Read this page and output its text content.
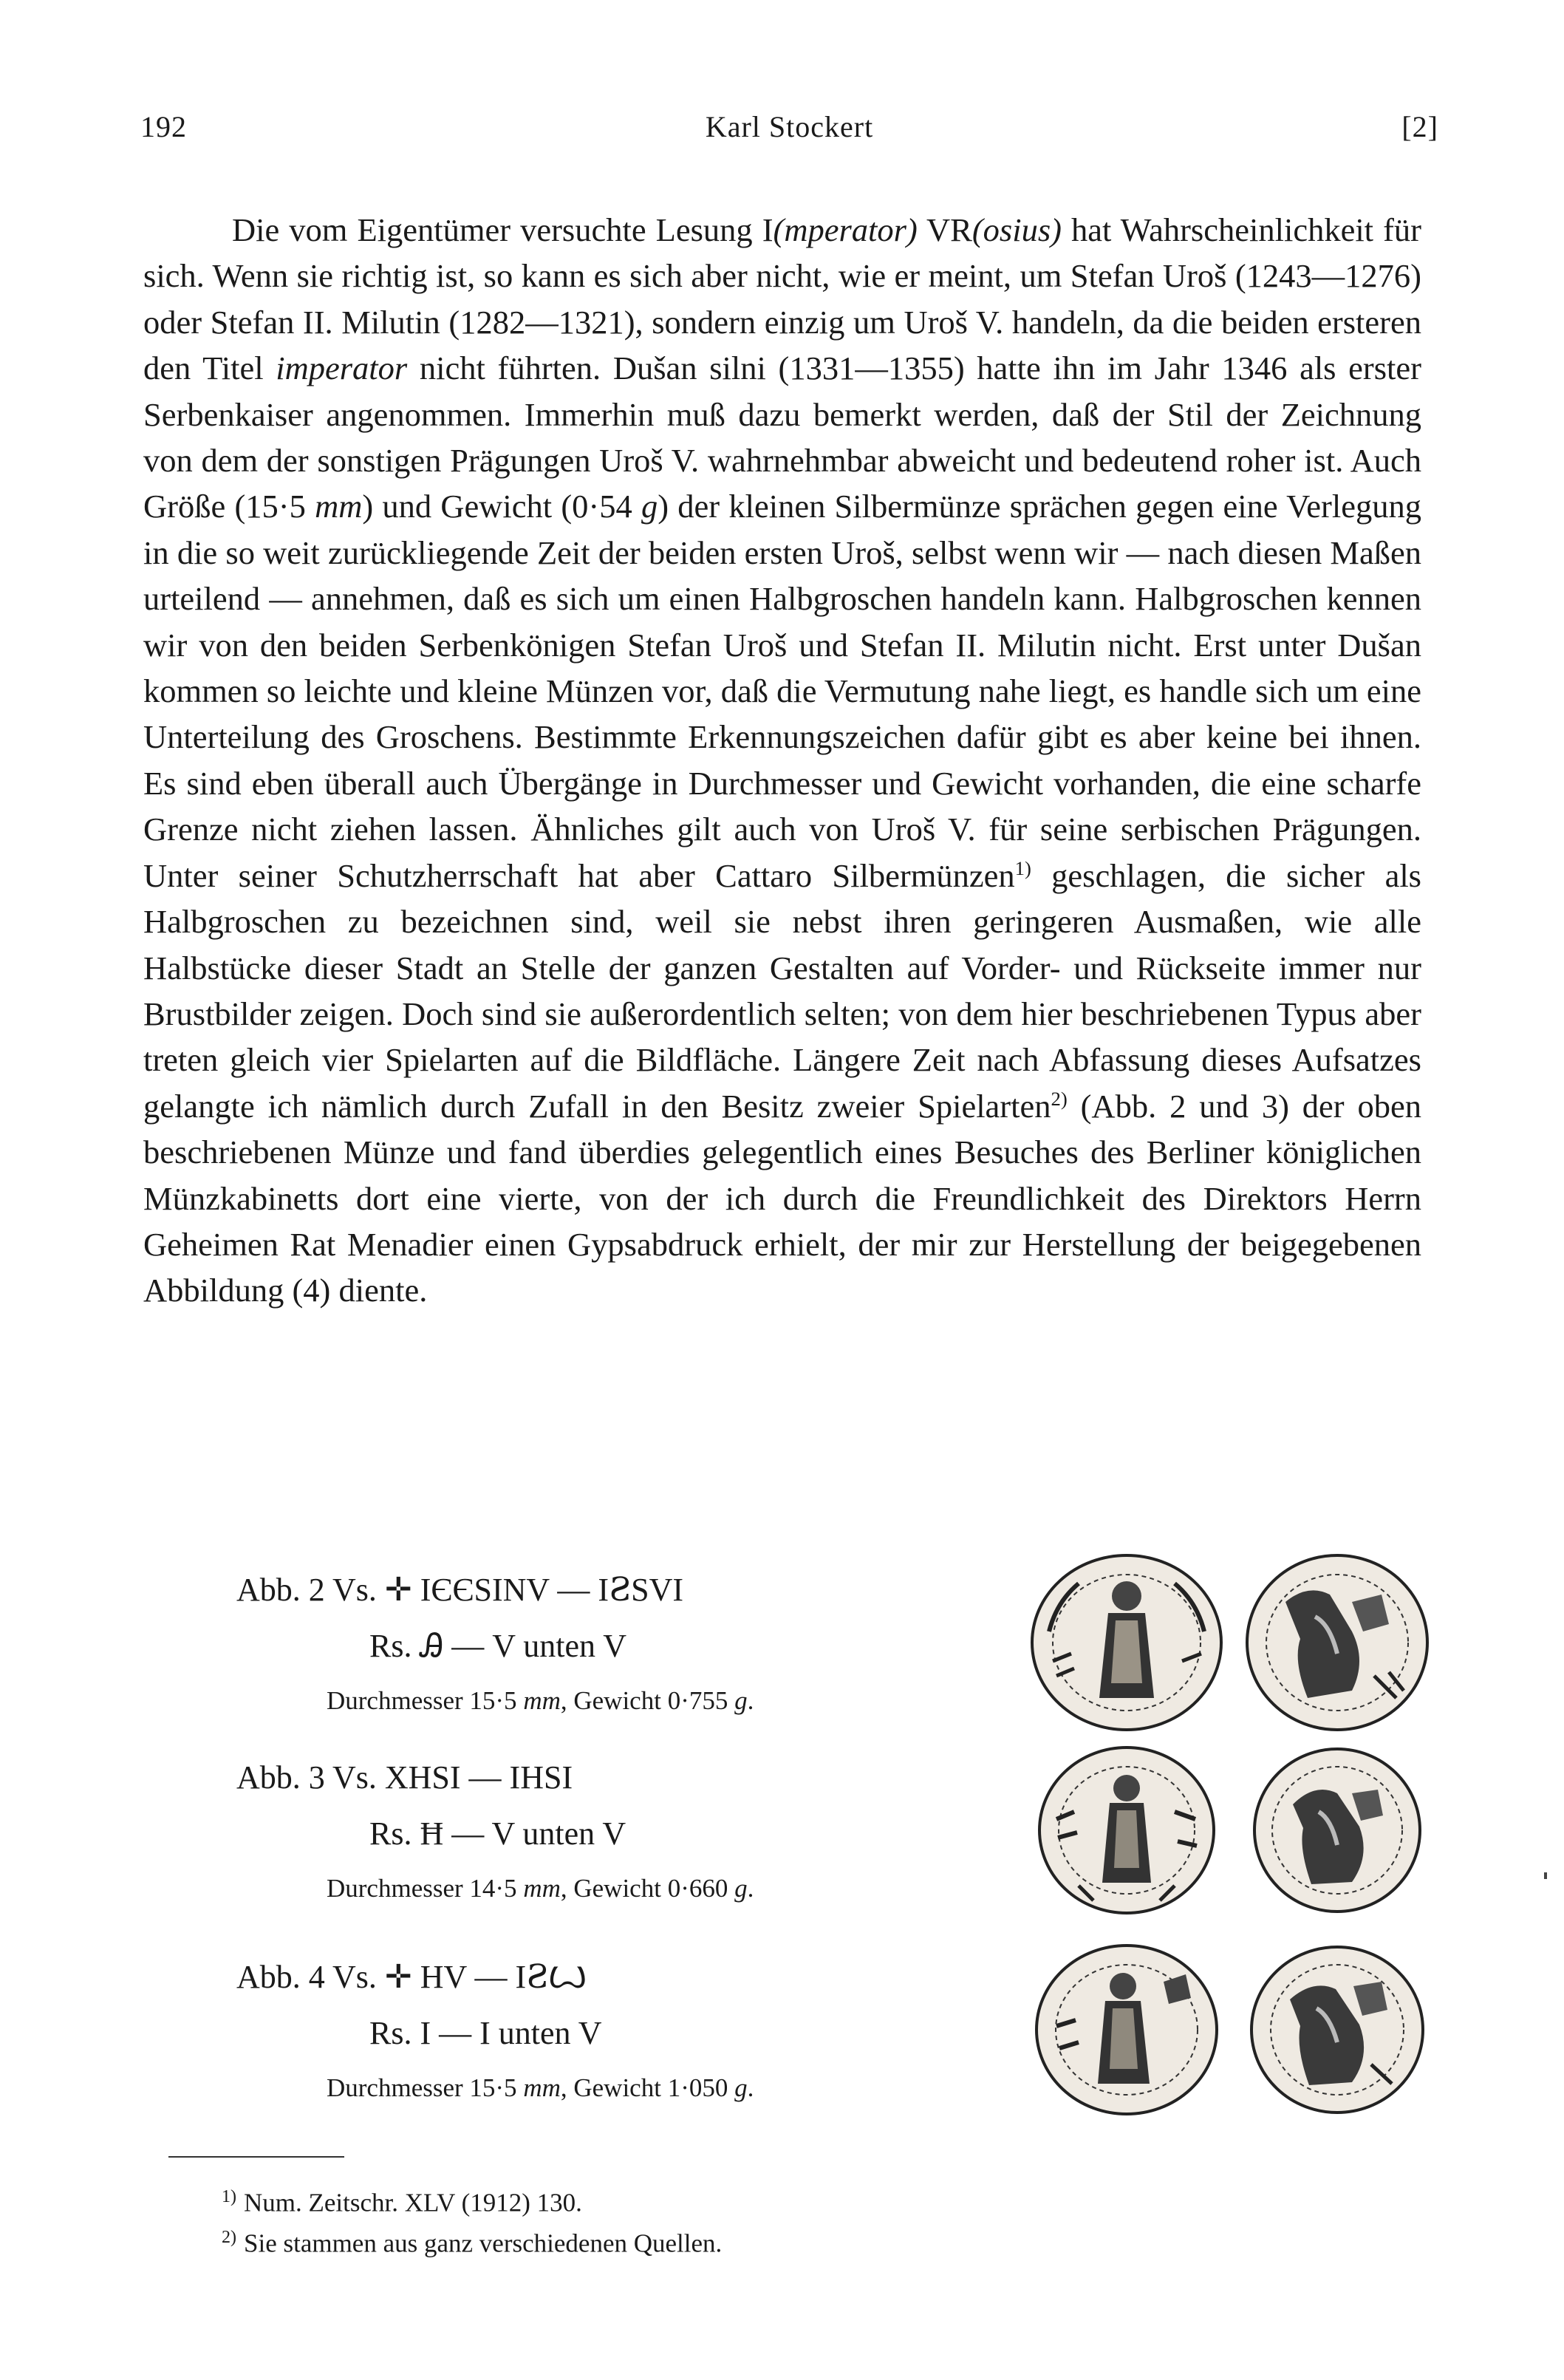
192	Karl Stockert	[2]

Die vom Eigentümer versuchte Lesung I(mperator) VR(osius) hat Wahrscheinlichkeit für sich. Wenn sie richtig ist, so kann es sich aber nicht, wie er meint, um Stefan Uroš (1243—1276) oder Stefan II. Milutin (1282—1321), sondern einzig um Uroš V. handeln, da die beiden ersteren den Titel imperator nicht führten. Dušan silni (1331—1355) hatte ihn im Jahr 1346 als erster Serbenkaiser angenommen. Immerhin muß dazu bemerkt werden, daß der Stil der Zeichnung von dem der sonstigen Prägungen Uroš V. wahrnehmbar abweicht und bedeutend roher ist. Auch Größe (15·5 mm) und Gewicht (0·54 g) der kleinen Silbermünze sprächen gegen eine Verlegung in die so weit zurückliegende Zeit der beiden ersten Uroš, selbst wenn wir — nach diesen Maßen urteilend — annehmen, daß es sich um einen Halbgroschen handeln kann. Halbgroschen kennen wir von den beiden Serbenkönigen Stefan Uroš und Stefan II. Milutin nicht. Erst unter Dušan kommen so leichte und kleine Münzen vor, daß die Vermutung nahe liegt, es handle sich um eine Unterteilung des Groschens. Bestimmte Erkennungszeichen dafür gibt es aber keine bei ihnen. Es sind eben überall auch Übergänge in Durchmesser und Gewicht vorhanden, die eine scharfe Grenze nicht ziehen lassen. Ähnliches gilt auch von Uroš V. für seine serbischen Prägungen. Unter seiner Schutzherrschaft hat aber Cattaro Silbermünzen$^{1)}$ geschlagen, die sicher als Halbgroschen zu bezeichnen sind, weil sie nebst ihren geringeren Ausmaßen, wie alle Halbstücke dieser Stadt an Stelle der ganzen Gestalten auf Vorder- und Rückseite immer nur Brustbilder zeigen. Doch sind sie außerordentlich selten; von dem hier beschriebenen Typus aber treten gleich vier Spielarten auf die Bildfläche. Längere Zeit nach Abfassung dieses Aufsatzes gelangte ich nämlich durch Zufall in den Besitz zweier Spielarten$^{2)}$ (Abb. 2 und 3) der oben beschriebenen Münze und fand überdies gelegentlich eines Besuches des Berliner königlichen Münzkabinetts dort eine vierte, von der ich durch die Freundlichkeit des Direktors Herrn Geheimen Rat Menadier einen Gypsabdruck erhielt, der mir zur Herstellung der beigegebenen Abbildung (4) diente.

Abb. 2 Vs. ✛ IЄЄЅΙΝV — IꙄЅVI
Rs. Ꭿ — V unten V
Durchmesser 15·5 mm, Gewicht 0·755 g.
Abb. 3 Vs. XHSI — IHSI
Rs. Ħ — V unten V
Durchmesser 14·5 mm, Gewicht 0·660 g.
Abb. 4 Vs. ✛ HV — IꙄꙌ
Rs. I — I unten V
Durchmesser 15·5 mm, Gewicht 1·050 g.
$^{1)}$ Num. Zeitschr. XLV (1912) 130.
$^{2)}$ Sie stammen aus ganz verschiedenen Quellen.
